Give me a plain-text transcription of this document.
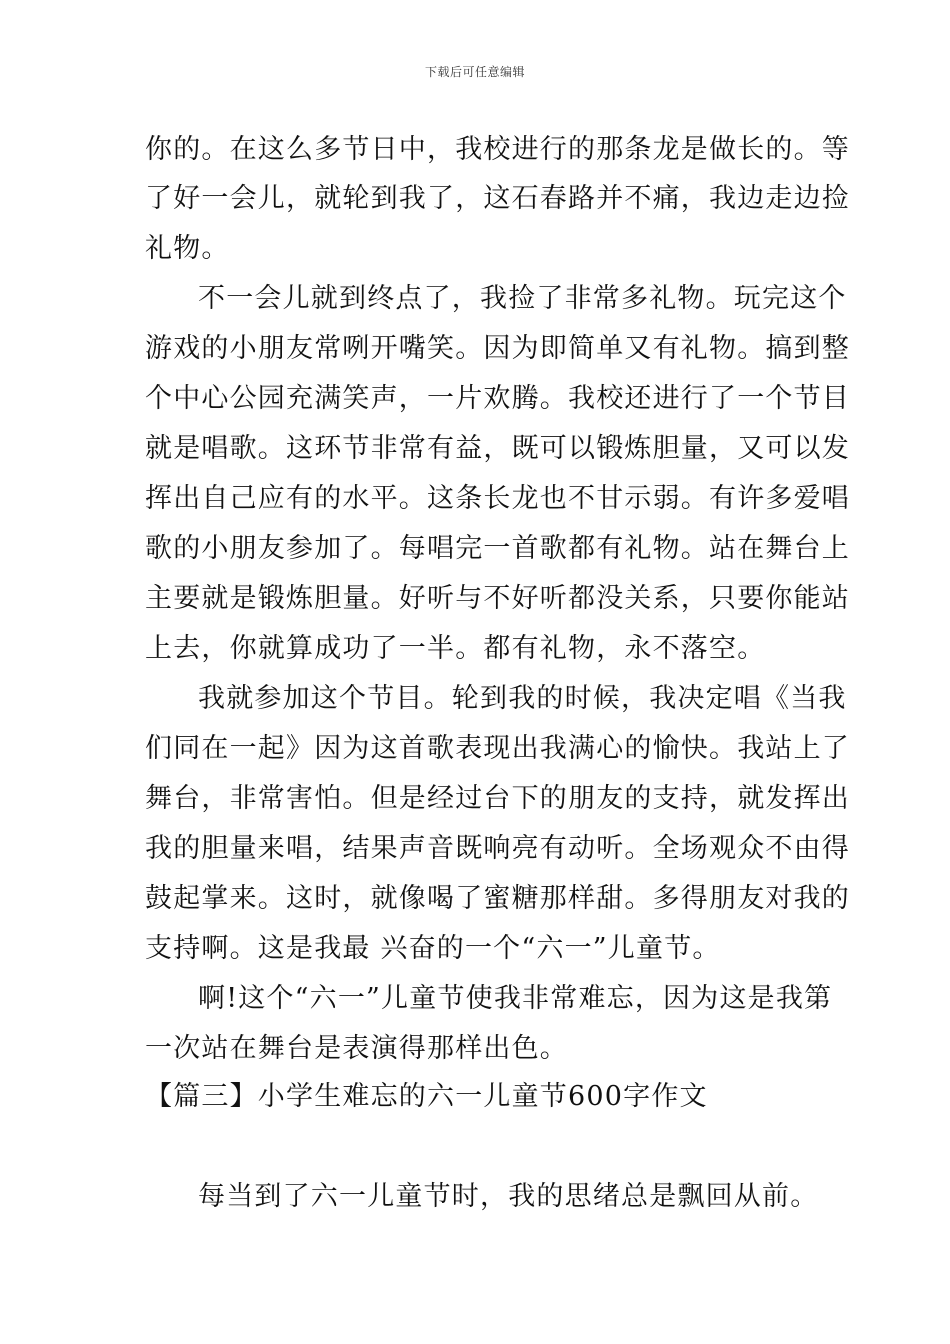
下载后可任意编辑
你的。在这么多节日中，我校进行的那条龙是做长的。等
了好一会儿，就轮到我了，这石春路并不痛，我边走边捡
礼物。
不一会儿就到终点了，我捡了非常多礼物。玩完这个
游戏的小朋友常咧开嘴笑。因为即简单又有礼物。搞到整
个中心公园充满笑声，一片欢腾。我校还进行了一个节目
就是唱歌。这环节非常有益，既可以锻炼胆量，又可以发
挥出自己应有的水平。这条长龙也不甘示弱。有许多爱唱
歌的小朋友参加了。每唱完一首歌都有礼物。站在舞台上
主要就是锻炼胆量。好听与不好听都没关系，只要你能站
上去，你就算成功了一半。都有礼物，永不落空。
我就参加这个节目。轮到我的时候，我决定唱《当我
们同在一起》因为这首歌表现出我满心的愉快。我站上了
舞台，非常害怕。但是经过台下的朋友的支持，就发挥出
我的胆量来唱，结果声音既响亮有动听。全场观众不由得
鼓起掌来。这时，就像喝了蜜糖那样甜。多得朋友对我的
支持啊。这是我最 兴奋的一个“六一”儿童节。
啊!这个“六一”儿童节使我非常难忘，因为这是我第
一次站在舞台是表演得那样出色。
【篇三】小学生难忘的六一儿童节600字作文
每当到了六一儿童节时，我的思绪总是飘回从前。
